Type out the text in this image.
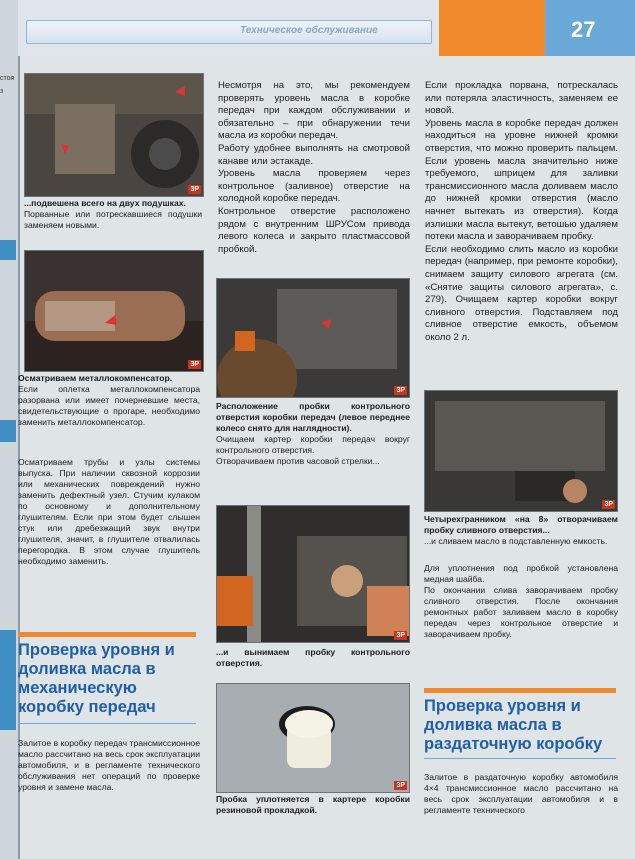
стоя
з
Техническое обслуживание	27
3Р

...подвешена всего на двух подушках.

Порванные или потрескавшиеся подушки заменяем новыми.

3Р

Осматриваем металлокомпенсатор.

Если оплетка металлокомпенсатора разорвана или имеет почерневшие места, свидетельствующие о прогаре, необходимо заменить металлокомпенсатор.

Осматриваем трубы и узлы системы выпуска. При наличии сквозной коррозии или механических повреждений нужно заменить дефектный узел. Стучим кулаком по основному и дополнительному глушителям. Если при этом будет слышен стук или дребезжащий звук внутри глушителя, значит, в глушителе отвалилась перегородка. В этом случае глушитель необходимо заменить.
Проверка уровня и доливка масла в механическую коробку передач
Залитое в коробку передач трансмиссионное масло рассчитано на весь срок эксплуатации автомобиля, и в регламенте технического обслуживания нет операций по проверке уровня и замене масла.

Несмотря на это, мы рекомендуем проверять уровень масла в коробке передач при каждом обслуживании и обязательно – при обнаружении течи масла из коробки передач.

Работу удобнее выполнять на смотровой канаве или эстакаде.

Уровень масла проверяем через контрольное (заливное) отверстие на холодной коробке передач.

Контрольное отверстие расположено рядом с внутренним ШРУСом привода левого колеса и закрыто пластмассовой пробкой.

3Р

Расположение пробки контрольного отверстия коробки передач (левое переднее колесо снято для наглядности).

Очищаем картер коробки передач вокруг контрольного отверстия.

Отворачиваем против часовой стрелки...

3Р

...и вынимаем пробку контрольного отверстия.

3Р

Пробка уплотняется в картере коробки резиновой прокладкой.

Если прокладка порвана, потрескалась или потеряла эластичность, заменяем ее новой.

Уровень масла в коробке передач должен находиться на уровне нижней кромки отверстия, что можно проверить пальцем. Если уровень масла значительно ниже требуемого, шприцем для заливки трансмиссионного масла доливаем масло до нижней кромки отверстия (масло начнет вытекать из отверстия). Когда излишки масла вытекут, ветошью удаляем потеки масла и заворачиваем пробку.

Если необходимо слить масло из коробки передач (например, при ремонте коробки), снимаем защиту силового агрегата (см. «Снятие защиты силового агрегата», с. 279). Очищаем картер коробки вокруг сливного отверстия. Подставляем под сливное отверстие емкость, объемом около 2 л.

3Р

Четырехгранником «на 8» отворачиваем пробку сливного отверстия...

...и сливаем масло в подставленную емкость.

Для уплотнения под пробкой установлена медная шайба.

По окончании слива заворачиваем пробку сливного отверстия. После окончания ремонтных работ заливаем масло в коробку передач через контрольное отверстие и заворачиваем пробку.

Проверка уровня и доливка масла в раздаточную коробку
Залитое в раздаточную коробку автомобиля 4×4 трансмиссионное масло рассчитано на весь срок эксплуатации автомобиля и в регламенте технического
